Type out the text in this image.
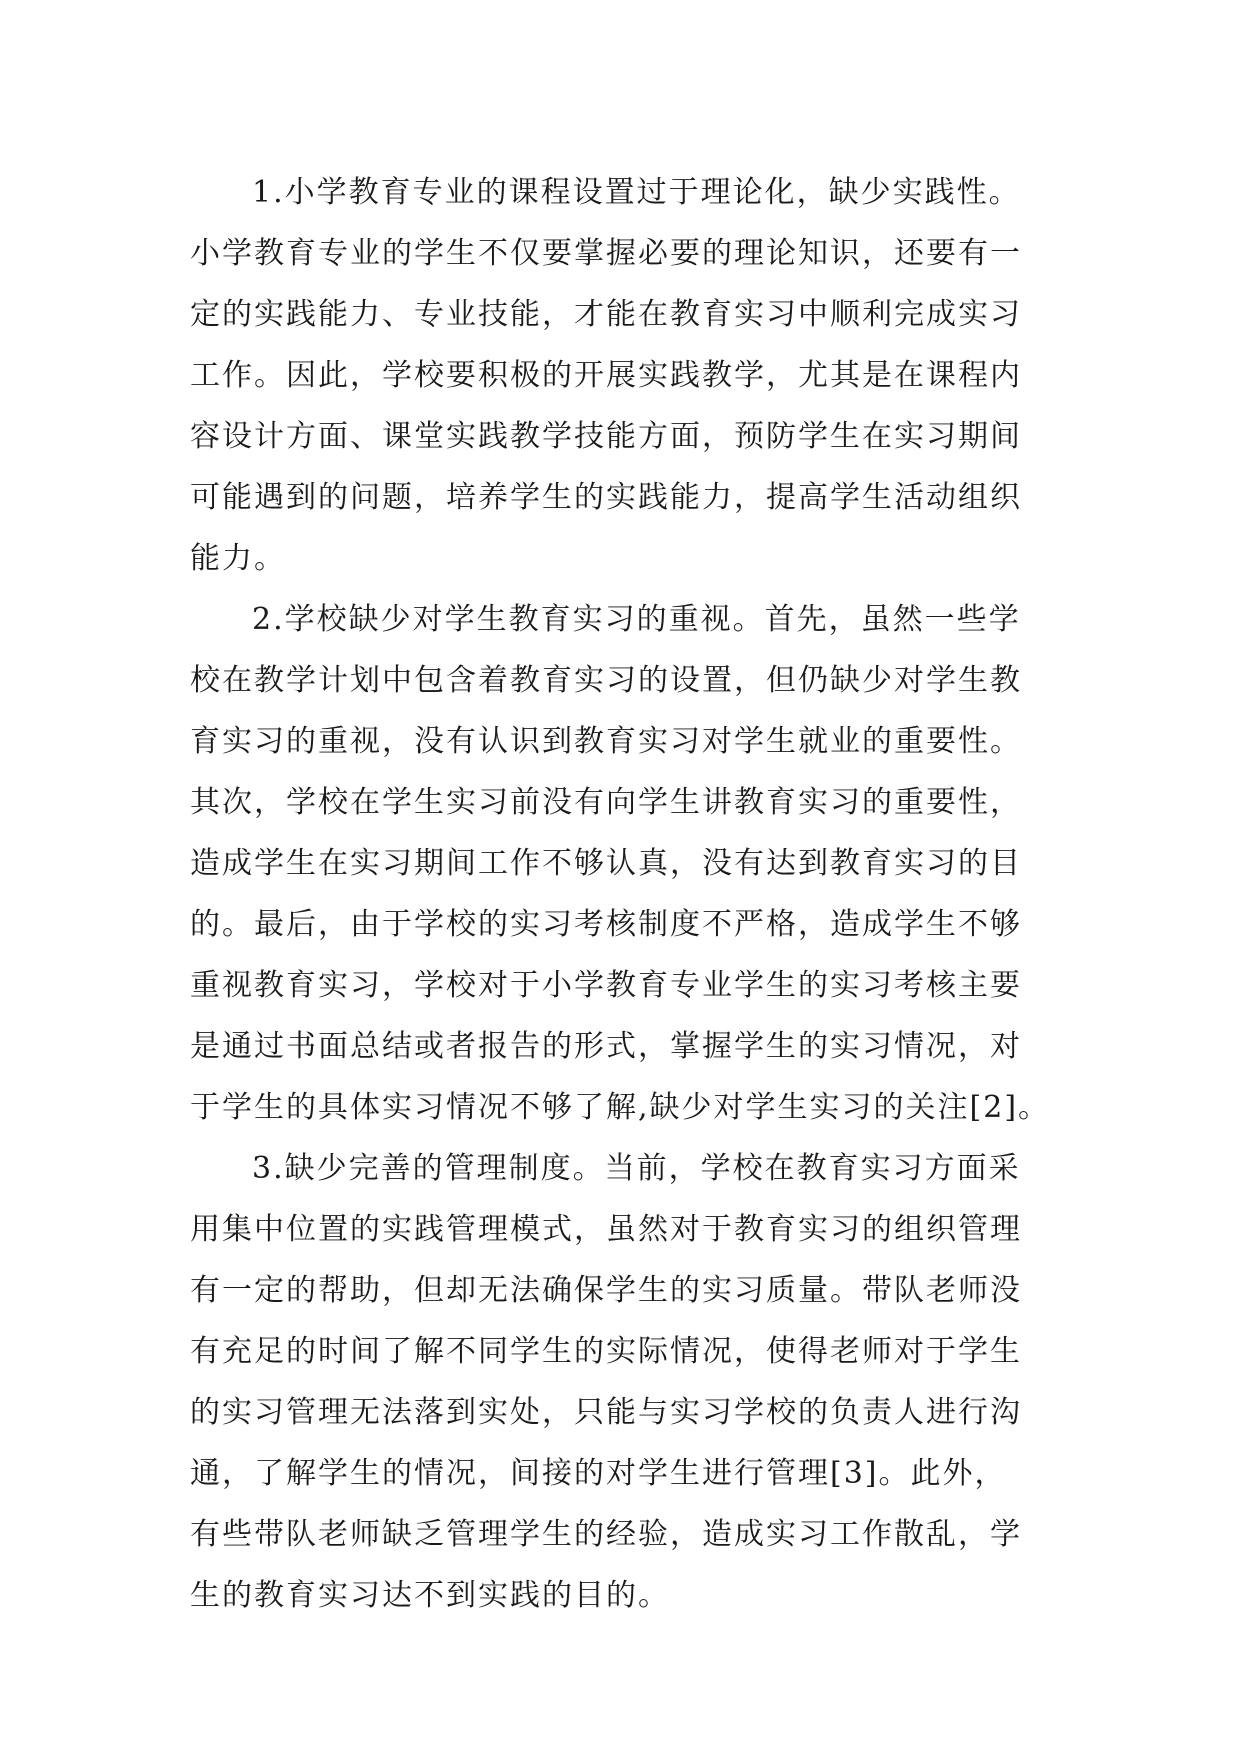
1.小学教育专业的课程设置过于理论化，缺少实践性。
小学教育专业的学生不仅要掌握必要的理论知识，还要有一
定的实践能力、专业技能，才能在教育实习中顺利完成实习
工作。因此，学校要积极的开展实践教学，尤其是在课程内
容设计方面、课堂实践教学技能方面，预防学生在实习期间
可能遇到的问题，培养学生的实践能力，提高学生活动组织
能力。
2.学校缺少对学生教育实习的重视。首先，虽然一些学
校在教学计划中包含着教育实习的设置，但仍缺少对学生教
育实习的重视，没有认识到教育实习对学生就业的重要性。
其次，学校在学生实习前没有向学生讲教育实习的重要性，
造成学生在实习期间工作不够认真，没有达到教育实习的目
的。最后，由于学校的实习考核制度不严格，造成学生不够
重视教育实习，学校对于小学教育专业学生的实习考核主要
是通过书面总结或者报告的形式，掌握学生的实习情况，对
于学生的具体实习情况不够了解,缺少对学生实习的关注[2]。
3.缺少完善的管理制度。当前，学校在教育实习方面采
用集中位置的实践管理模式，虽然对于教育实习的组织管理
有一定的帮助，但却无法确保学生的实习质量。带队老师没
有充足的时间了解不同学生的实际情况，使得老师对于学生
的实习管理无法落到实处，只能与实习学校的负责人进行沟
通，了解学生的情况，间接的对学生进行管理[3]。此外，
有些带队老师缺乏管理学生的经验，造成实习工作散乱，学
生的教育实习达不到实践的目的。
